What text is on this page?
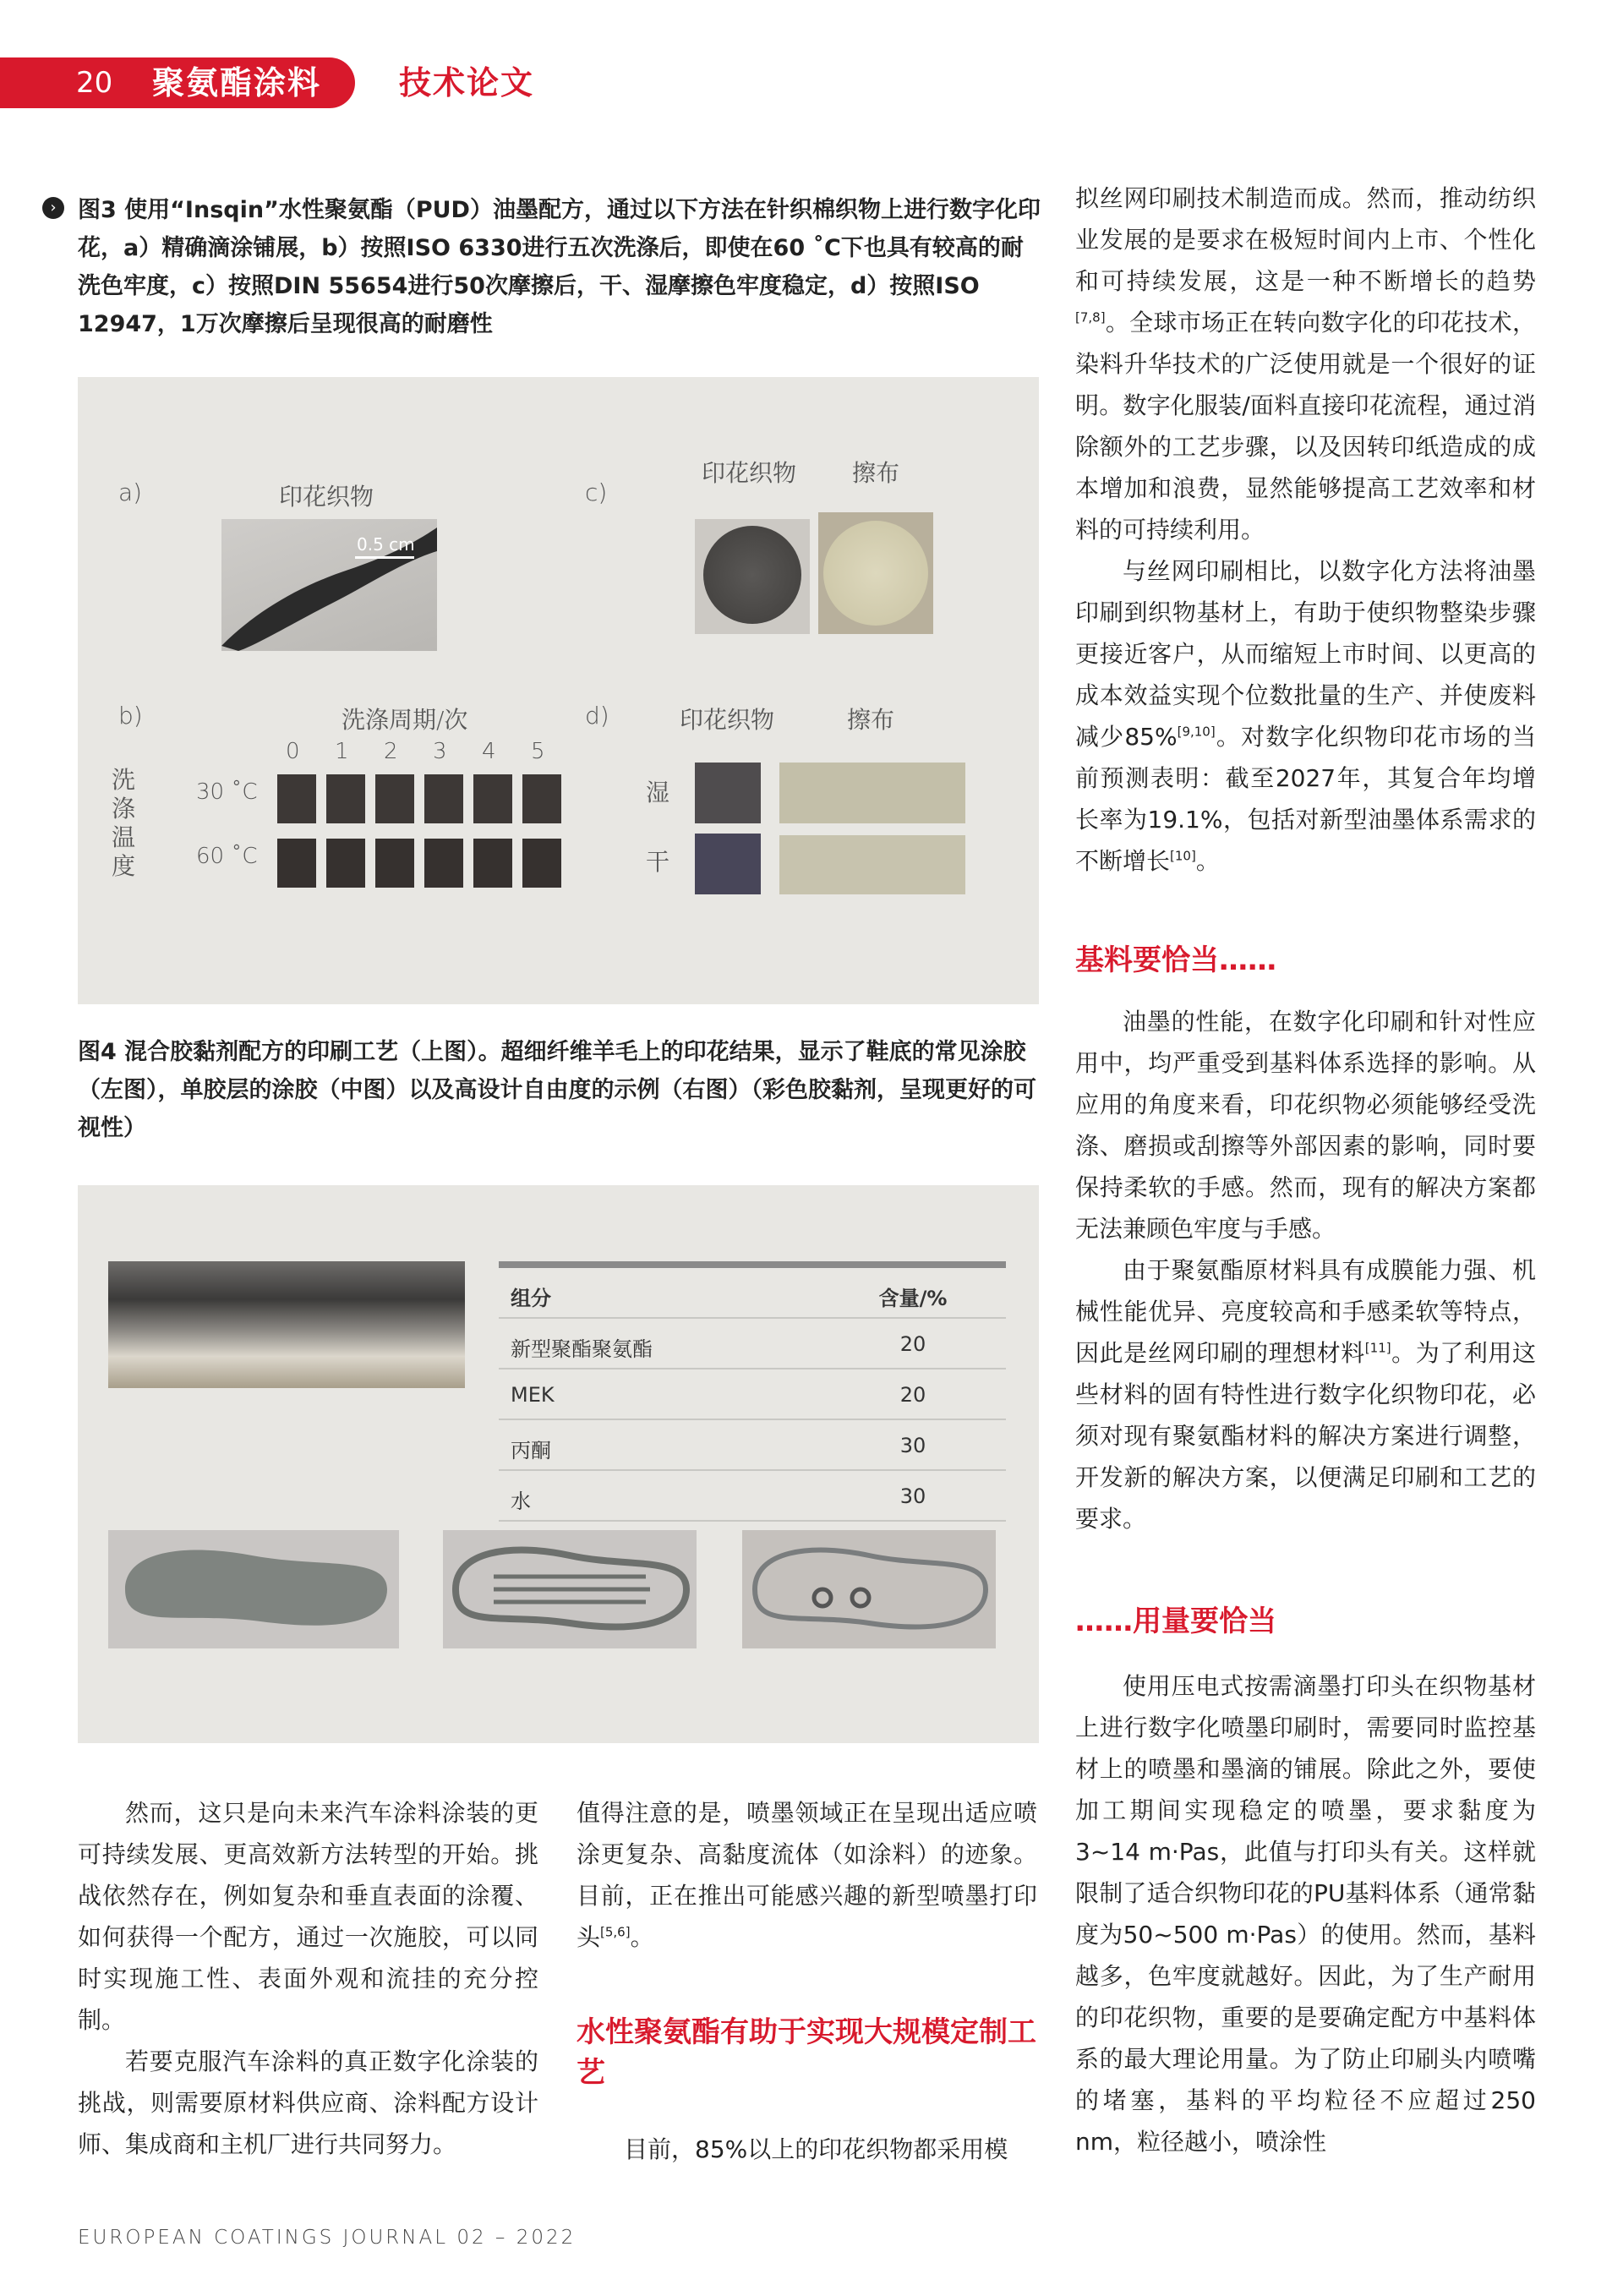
20 聚氨酯涂料 技术论文
› 图3 使用“Insqin”水性聚氨酯（PUD）油墨配方，通过以下方法在针织棉织物上进行数字化印花，a）精确滴涂铺展，b）按照ISO 6330进行五次洗涤后，即使在60 ˚C下也具有较高的耐洗色牢度，c）按照DIN 55654进行50次摩擦后，干、湿摩擦色牢度稳定，d）按照ISO 12947，1万次摩擦后呈现很高的耐磨性
a)	印花织物
0.5 cm
c)
印花织物 擦布
b)	洗涤周期/次
洗涤温度
30 ˚C
60 ˚C
d)	印花织物	擦布
湿
干
0 1 2 3 4 5
图4 混合胶黏剂配方的印刷工艺（上图）。超细纤维羊毛上的印花结果，显示了鞋底的常见涂胶（左图），单胶层的涂胶（中图）以及高设计自由度的示例（右图）（彩色胶黏剂，呈现更好的可视性）
组分	含量/%
新型聚酯聚氨酯	20
MEK	20
丙酮	30
水	30

拟丝网印刷技术制造而成。然而，推动纺织业发展的是要求在极短时间内上市、个性化和可持续发展，这是一种不断增长的趋势[7,8]。全球市场正在转向数字化的印花技术，染料升华技术的广泛使用就是一个很好的证明。数字化服装/面料直接印花流程，通过消除额外的工艺步骤，以及因转印纸造成的成本增加和浪费，显然能够提高工艺效率和材料的可持续利用。

与丝网印刷相比，以数字化方法将油墨印刷到织物基材上，有助于使织物整染步骤更接近客户，从而缩短上市时间、以更高的成本效益实现个位数批量的生产、并使废料减少85%[9,10]。对数字化织物印花市场的当前预测表明：截至2027年，其复合年均增长率为19.1%，包括对新型油墨体系需求的不断增长[10]。

基料要恰当……

油墨的性能，在数字化印刷和针对性应用中，均严重受到基料体系选择的影响。从应用的角度来看，印花织物必须能够经受洗涤、磨损或刮擦等外部因素的影响，同时要保持柔软的手感。然而，现有的解决方案都无法兼顾色牢度与手感。

由于聚氨酯原材料具有成膜能力强、机械性能优异、亮度较高和手感柔软等特点，因此是丝网印刷的理想材料[11]。为了利用这些材料的固有特性进行数字化织物印花，必须对现有聚氨酯材料的解决方案进行调整，开发新的解决方案，以便满足印刷和工艺的要求。

……用量要恰当

使用压电式按需滴墨打印头在织物基材上进行数字化喷墨印刷时，需要同时监控基材上的喷墨和墨滴的铺展。除此之外，要使加工期间实现稳定的喷墨，要求黏度为3~14 m·Pas，此值与打印头有关。这样就限制了适合织物印花的PU基料体系（通常黏度为50~500 m·Pas）的使用。然而，基料越多，色牢度就越好。因此，为了生产耐用的印花织物，重要的是要确定配方中基料体系的最大理论用量。为了防止印刷头内喷嘴的堵塞，基料的平均粒径不应超过250 nm，粒径越小，喷涂性

然而，这只是向未来汽车涂料涂装的更可持续发展、更高效新方法转型的开始。挑战依然存在，例如复杂和垂直表面的涂覆、如何获得一个配方，通过一次施胶，可以同时实现施工性、表面外观和流挂的充分控制。

若要克服汽车涂料的真正数字化涂装的挑战，则需要原材料供应商、涂料配方设计师、集成商和主机厂进行共同努力。

值得注意的是，喷墨领域正在呈现出适应喷涂更复杂、高黏度流体（如涂料）的迹象。目前，正在推出可能感兴趣的新型喷墨打印头[5,6]。

水性聚氨酯有助于实现大规模定制工艺

目前，85%以上的印花织物都采用模

EUROPEAN COATINGS JOURNAL 02 – 2022
